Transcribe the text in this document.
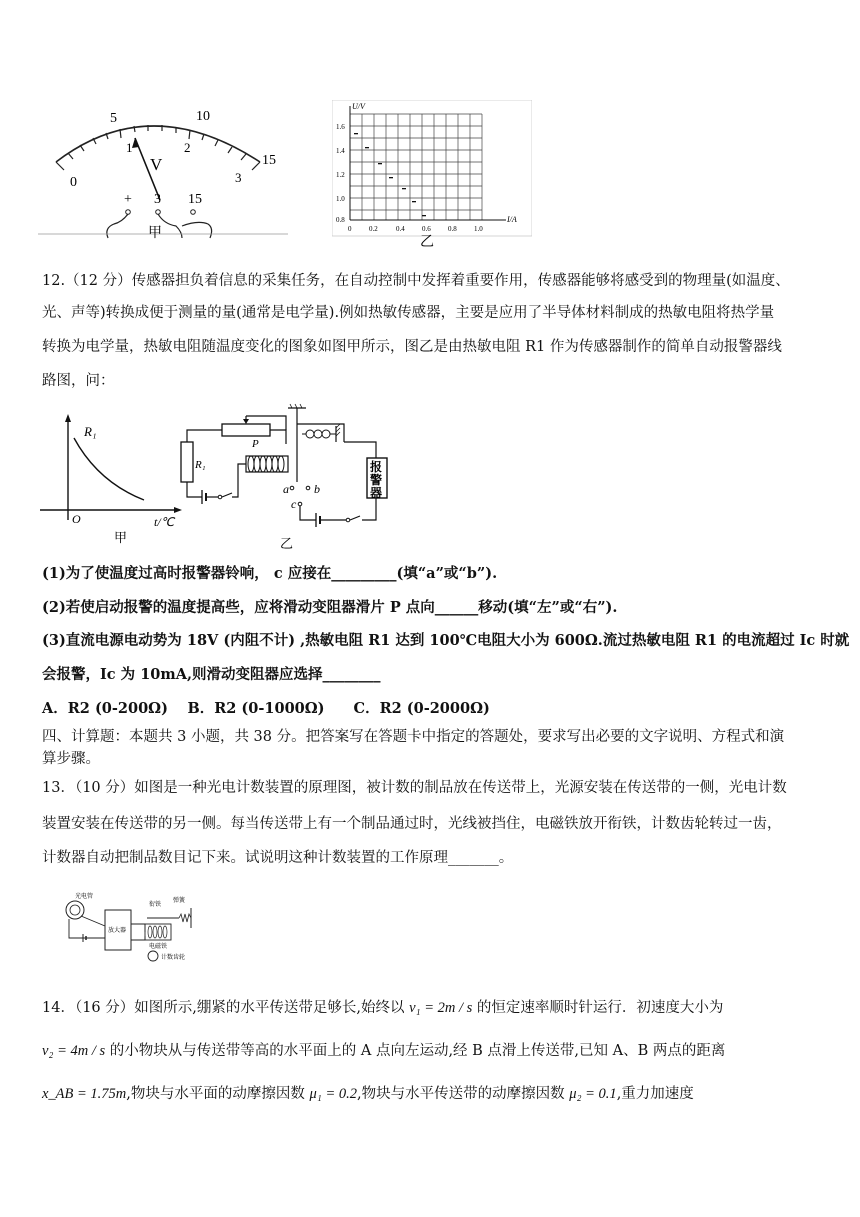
0
5	10
15
1	2
3
V
+ 3 15
甲
U/V
I/A
1.6
1.4
1.2
1.0
0.8
0	0.2	0.4 0.6 0.8 1.0
乙
12.（12 分）传感器担负着信息的采集任务，在自动控制中发挥着重要作用，传感器能够将感受到的物理量(如温度、
光、声等)转换成便于测量的量(通常是电学量).例如热敏传感器，主要是应用了半导体材料制成的热敏电阻将热学量
转换为电学量，热敏电阻随温度变化的图象如图甲所示，图乙是由热敏电阻 R1 作为传感器制作的简单自动报警器线
路图，问：
R₁
O	t/℃
甲
R₁
P
a b
c
报
警
器
乙
(1)为了使温度过高时报警器铃响， c 应接在_________(填“a”或“b”).
(2)若使启动报警的温度提高些，应将滑动变阻器滑片 P 点向______移动(填“左”或“右”).
(3)直流电源电动势为 18V (内阻不计) ,热敏电阻 R1 达到 100℃电阻大小为 600Ω.流过热敏电阻 R1 的电流超过 Ic 时就
会报警，Ic 为 10mA,则滑动变阻器应选择________
A．R2 (0-200Ω)　 B．R2 (0-1000Ω)　　C．R2 (0-2000Ω)
四、计算题：本题共 3 小题，共 38 分。把答案写在答题卡中指定的答题处，要求写出必要的文字说明、方程式和演
算步骤。
13．（10 分）如图是一种光电计数装置的原理图，被计数的制品放在传送带上，光源安装在传送带的一侧，光电计数
装置安装在传送带的另一侧。每当传送带上有一个制品通过时，光线被挡住，电磁铁放开衔铁，计数齿轮转过一齿，
计数器自动把制品数目记下来。试说明这种计数装置的工作原理_______。
光电管
放大器
衔铁
弹簧
电磁铁
计数齿轮
14．（16 分）如图所示,绷紧的水平传送带足够长,始终以 v₁ = 2m / s 的恒定速率顺时针运行．初速度大小为
v₂ = 4m / s 的小物块从与传送带等高的水平面上的 A 点向左运动,经 B 点滑上传送带,已知 A、B 两点的距离
x_AB = 1.75m,物块与水平面的动摩擦因数 μ₁ = 0.2,物块与水平传送带的动摩擦因数 μ₂ = 0.1,重力加速度
